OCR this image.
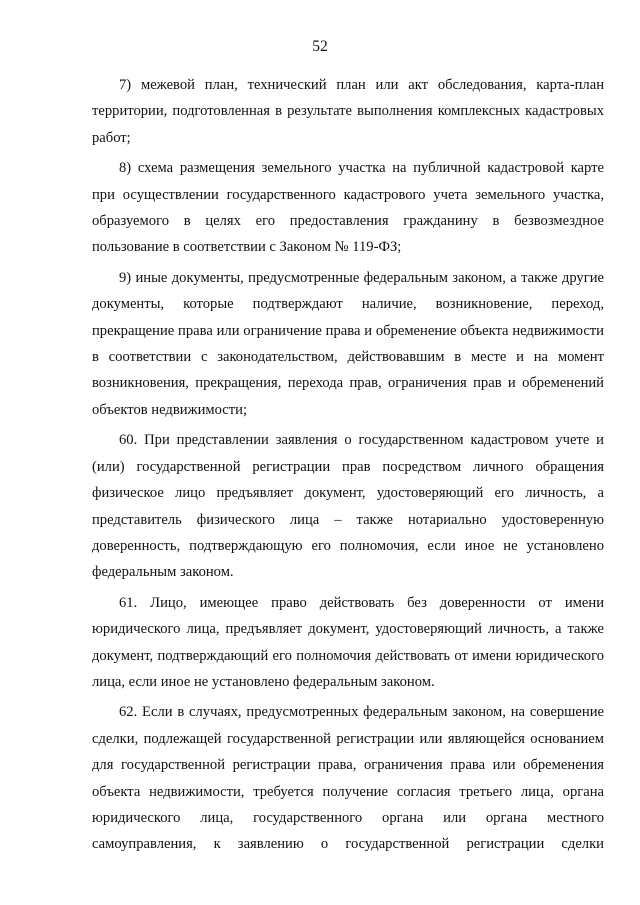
52

7) межевой план, технический план или акт обследования, карта-план территории, подготовленная в результате выполнения комплексных кадастровых работ;

8) схема размещения земельного участка на публичной кадастровой карте при осуществлении государственного кадастрового учета земельного участка, образуемого в целях его предоставления гражданину в безвозмездное пользование в соответствии с Законом № 119-ФЗ;

9) иные документы, предусмотренные федеральным законом, а также другие документы, которые подтверждают наличие, возникновение, переход, прекращение права или ограничение права и обременение объекта недвижимости в соответствии с законодательством, действовавшим в месте и на момент возникновения, прекращения, перехода прав, ограничения прав и обременений объектов недвижимости;

60. При представлении заявления о государственном кадастровом учете и (или) государственной регистрации прав посредством личного обращения физическое лицо предъявляет документ, удостоверяющий его личность, а представитель физического лица – также нотариально удостоверенную доверенность, подтверждающую его полномочия, если иное не установлено федеральным законом.

61. Лицо, имеющее право действовать без доверенности от имени юридического лица, предъявляет документ, удостоверяющий личность, а также документ, подтверждающий его полномочия действовать от имени юридического лица, если иное не установлено федеральным законом.

62. Если в случаях, предусмотренных федеральным законом, на совершение сделки, подлежащей государственной регистрации или являющейся основанием для государственной регистрации права, ограничения права или обременения объекта недвижимости, требуется получение согласия третьего лица, органа юридического лица, государственного органа или органа местного самоуправления, к заявлению о государственной регистрации сделки
